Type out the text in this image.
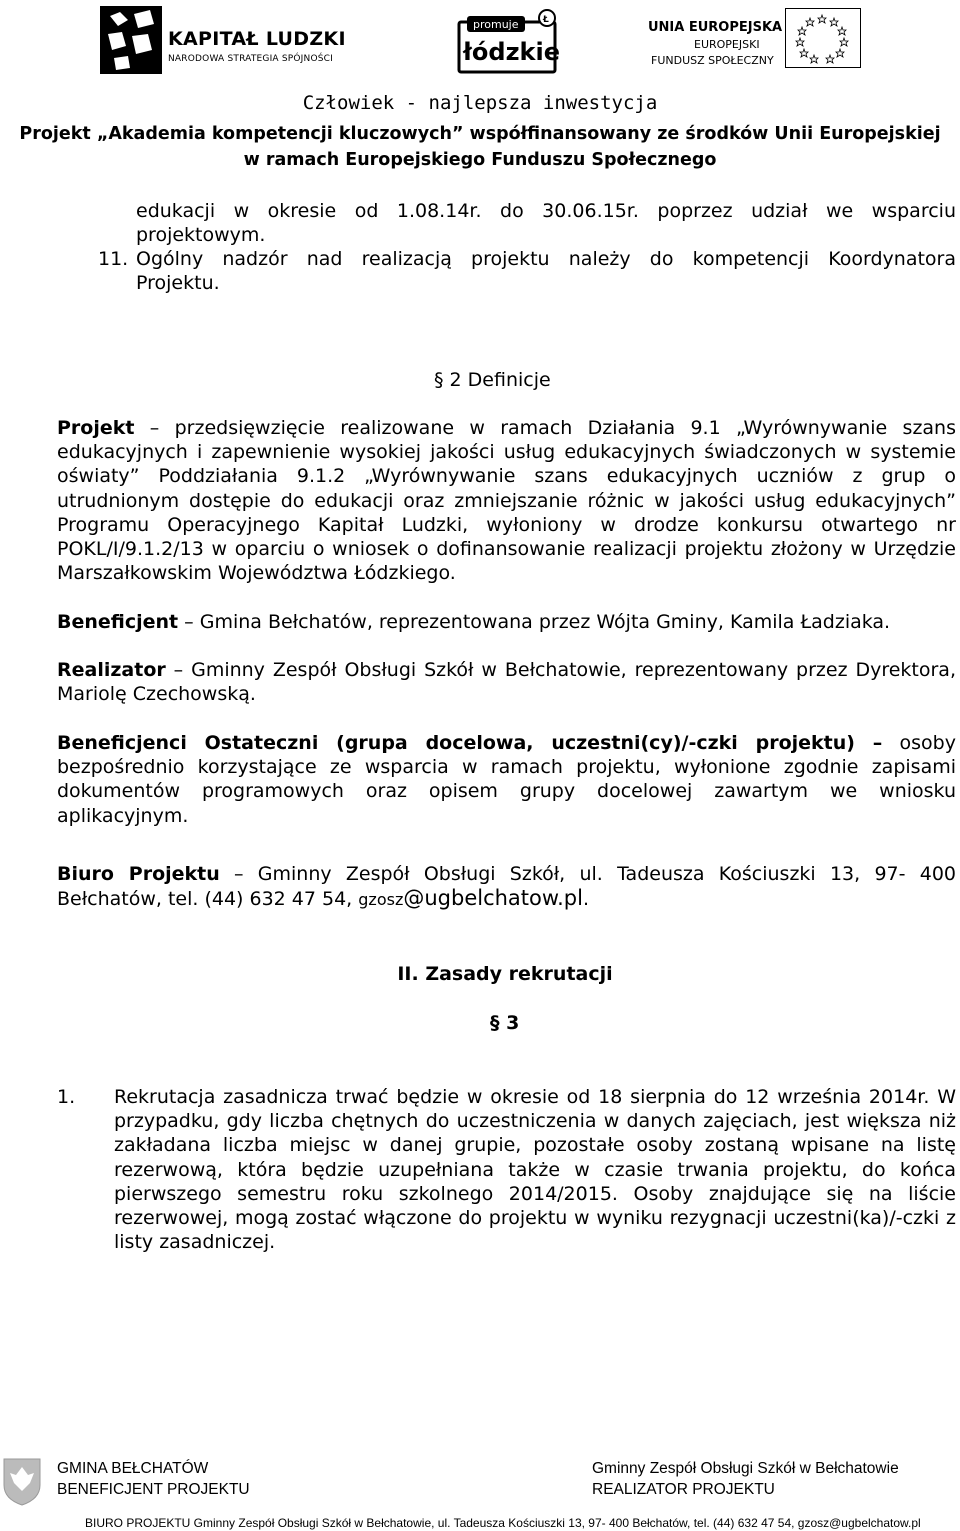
KAPITAŁ LUDZKI
NARODOWA STRATEGIA SPÓJNOŚCI
Ł
promuje
łódzkie
UNIA EUROPEJSKA
EUROPEJSKI
FUNDUSZ SPOŁECZNY
Człowiek - najlepsza inwestycja
Projekt „Akademia kompetencji kluczowych” współfinansowany ze środków Unii Europejskiej
w ramach Europejskiego Funduszu Społecznego
edukacji w okresie od 1.08.14r. do 30.06.15r. poprzez udział we wsparciu
projektowym.
11. Ogólny nadzór nad realizacją projektu należy do kompetencji Koordynatora
Projektu.
§ 2 Definicje
Projekt – przedsięwzięcie realizowane w ramach Działania 9.1 „Wyrównywanie szans edukacyjnych i zapewnienie wysokiej jakości usług edukacyjnych świadczonych w systemie oświaty” Poddziałania 9.1.2 „Wyrównywanie szans edukacyjnych uczniów z grup o utrudnionym dostępie do edukacji oraz zmniejszanie różnic w jakości usług edukacyjnych” Programu Operacyjnego Kapitał Ludzki, wyłoniony w drodze konkursu otwartego nr POKL/I/9.1.2/13 w oparciu o wniosek o dofinansowanie realizacji projektu złożony w Urzędzie Marszałkowskim Województwa Łódzkiego.
Beneficjent – Gmina Bełchatów, reprezentowana przez Wójta Gminy, Kamila Ładziaka.
Realizator – Gminny Zespół Obsługi Szkół w Bełchatowie, reprezentowany przez Dyrektora, Mariolę Czechowską.
Beneficjenci Ostateczni (grupa docelowa, uczestni(cy)/-czki projektu) – osoby bezpośrednio korzystające ze wsparcia w ramach projektu, wyłonione zgodnie zapisami dokumentów programowych oraz opisem grupy docelowej zawartym we wniosku aplikacyjnym.
Biuro Projektu – Gminny Zespół Obsługi Szkół, ul. Tadeusza Kościuszki 13, 97- 400 Bełchatów, tel. (44) 632 47 54, gzosz@ugbelchatow.pl.
II. Zasady rekrutacji
§ 3
1. Rekrutacja zasadnicza trwać będzie w okresie od 18 sierpnia do 12 września 2014r. W przypadku, gdy liczba chętnych do uczestniczenia w danych zajęciach, jest większa niż zakładana liczba miejsc w danej grupie, pozostałe osoby zostaną wpisane na listę rezerwową, która będzie uzupełniana także w czasie trwania projektu, do końca pierwszego semestru roku szkolnego 2014/2015. Osoby znajdujące się na liście rezerwowej, mogą zostać włączone do projektu w wyniku rezygnacji uczestni(ka)/-czki z listy zasadniczej.
GMINA BEŁCHATÓW
BENEFICJENT PROJEKTU
Gminny Zespół Obsługi Szkół w Bełchatowie
REALIZATOR PROJEKTU
BIURO PROJEKTU Gminny Zespół Obsługi Szkół w Bełchatowie, ul. Tadeusza Kościuszki 13, 97- 400 Bełchatów, tel. (44) 632 47 54, gzosz@ugbelchatow.pl
